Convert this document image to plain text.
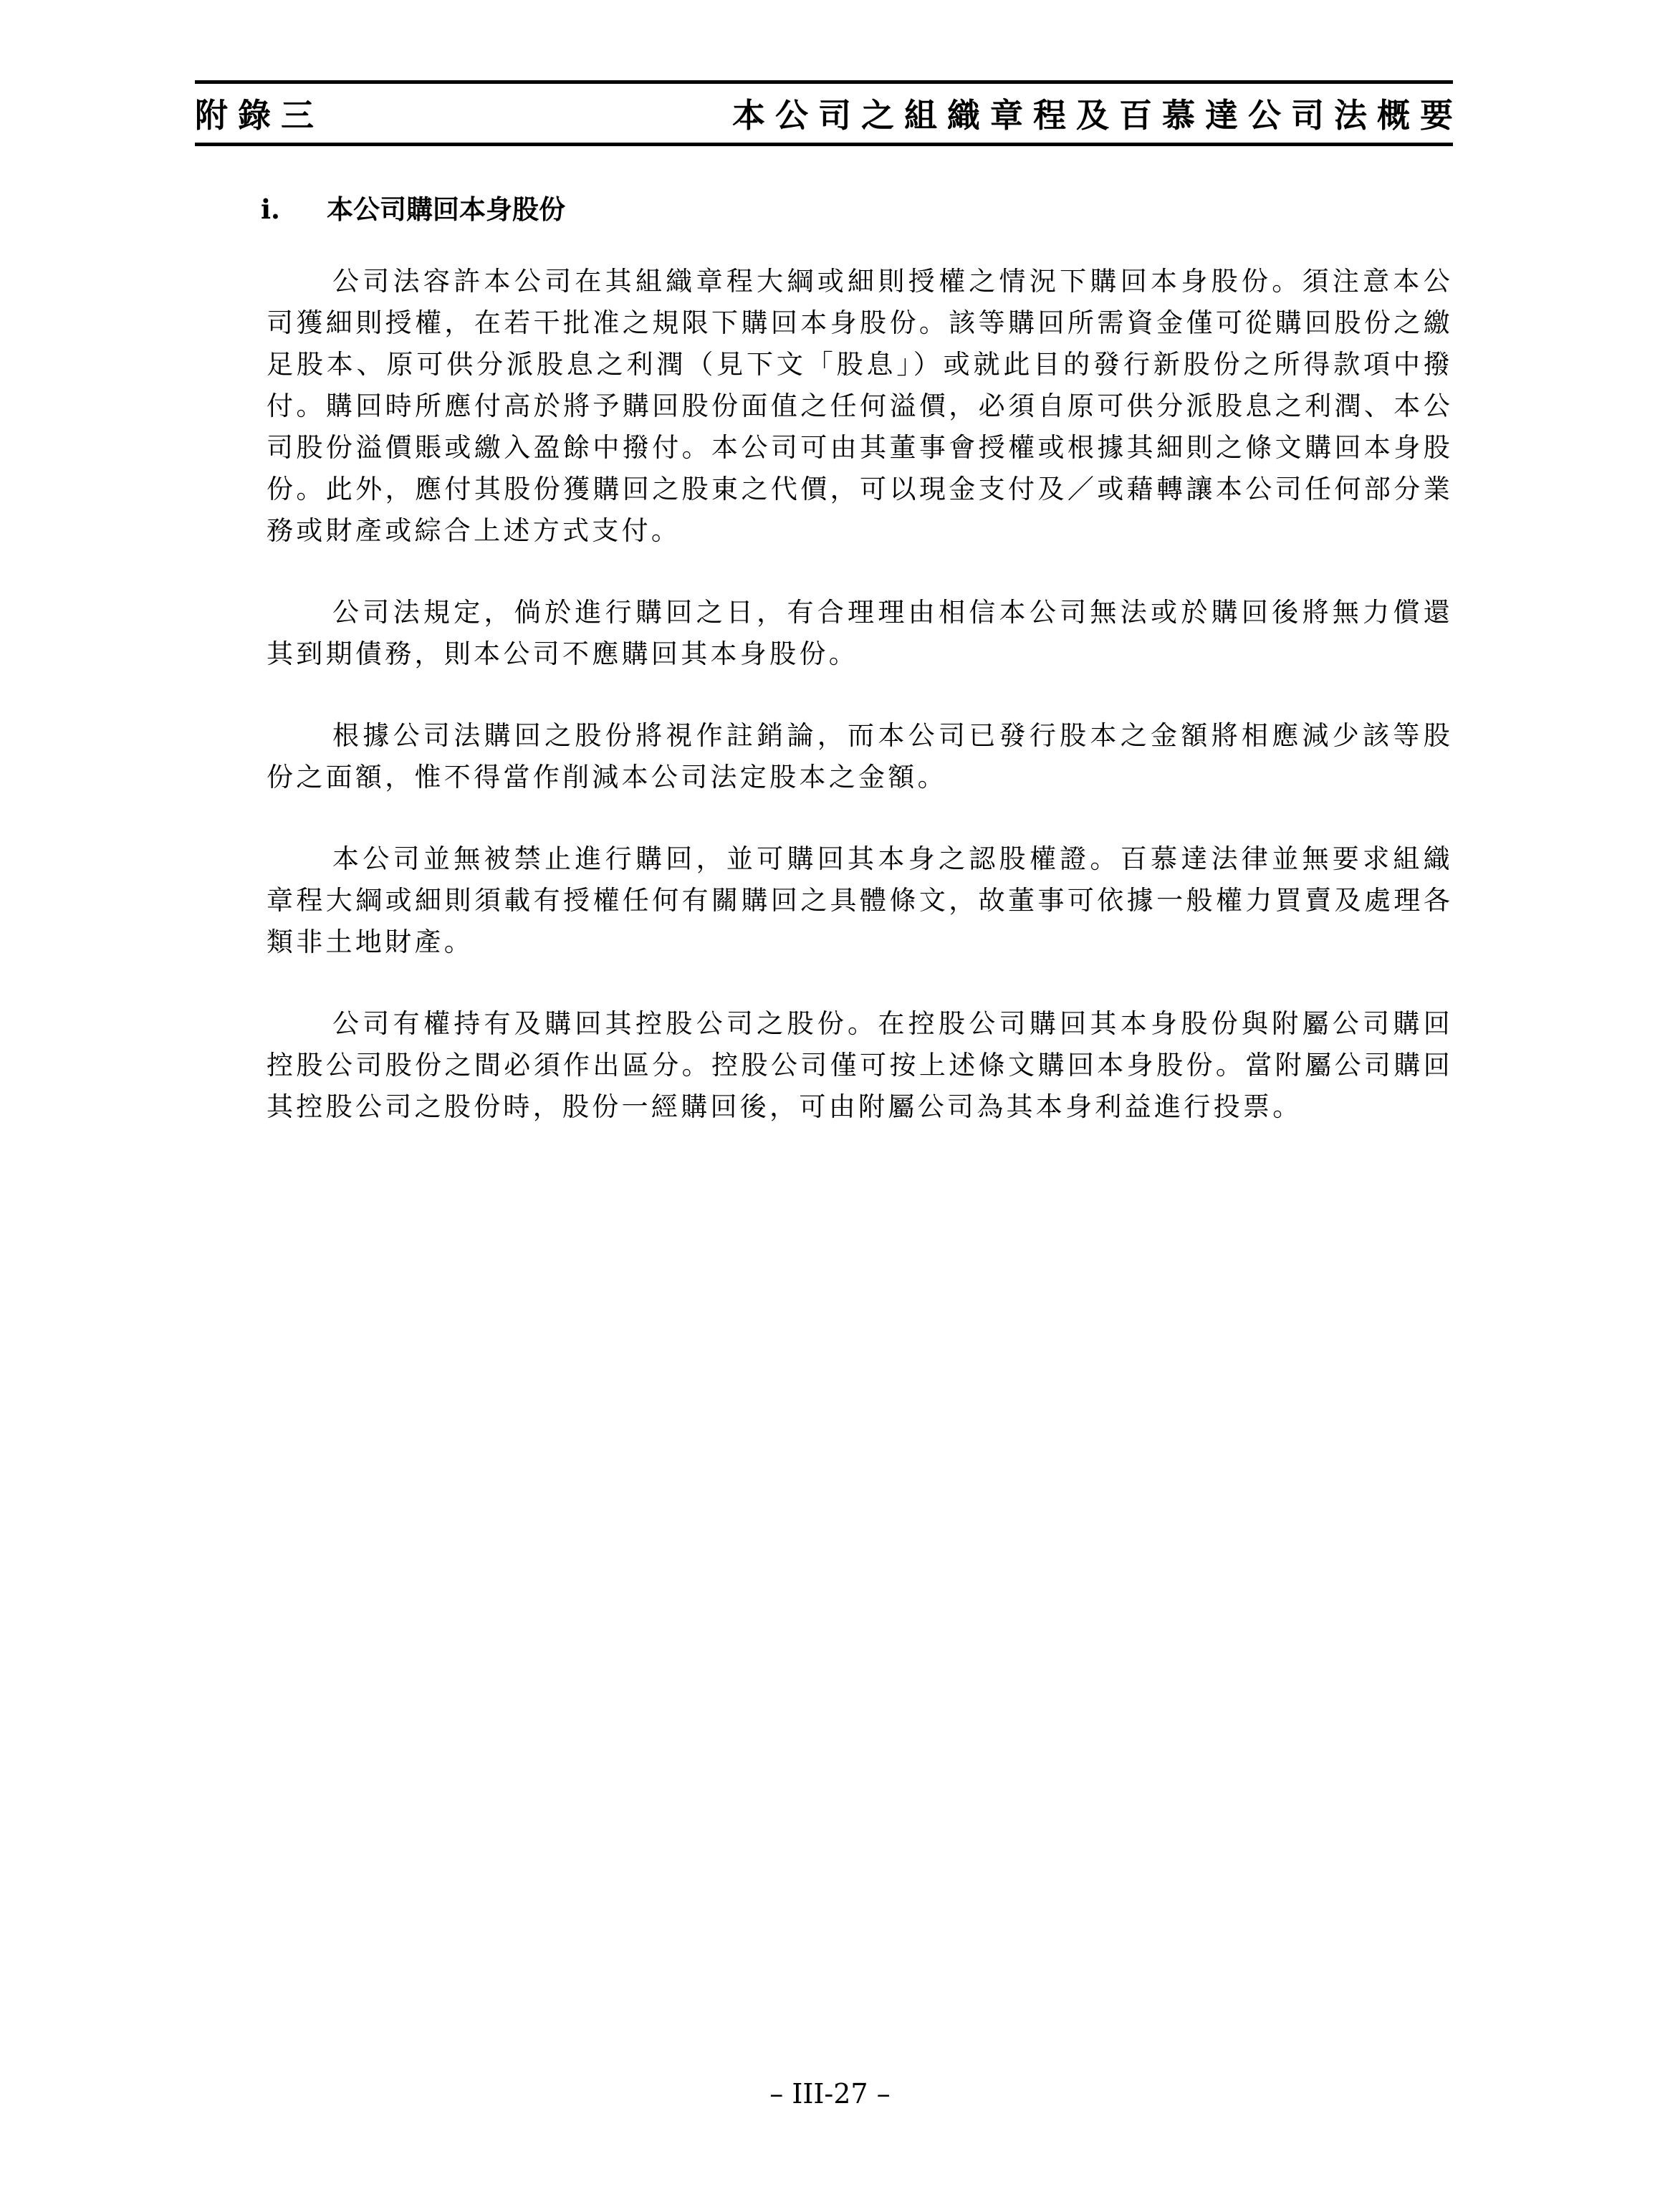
附錄三	本公司之組織章程及百慕達公司法概要
i.	本公司購回本身股份

公司法容許本公司在其組織章程大綱或細則授權之情況下購回本身股份。須注意本公司獲細則授權，在若干批准之規限下購回本身股份。該等購回所需資金僅可從購回股份之繳足股本、原可供分派股息之利潤（見下文「股息」）或就此目的發行新股份之所得款項中撥付。購回時所應付高於將予購回股份面值之任何溢價，必須自原可供分派股息之利潤、本公司股份溢價賬或繳入盈餘中撥付。本公司可由其董事會授權或根據其細則之條文購回本身股份。此外，應付其股份獲購回之股東之代價，可以現金支付及／或藉轉讓本公司任何部分業務或財產或綜合上述方式支付。

公司法規定，倘於進行購回之日，有合理理由相信本公司無法或於購回後將無力償還其到期債務，則本公司不應購回其本身股份。

根據公司法購回之股份將視作註銷論，而本公司已發行股本之金額將相應減少該等股份之面額，惟不得當作削減本公司法定股本之金額。

本公司並無被禁止進行購回，並可購回其本身之認股權證。百慕達法律並無要求組織章程大綱或細則須載有授權任何有關購回之具體條文，故董事可依據一般權力買賣及處理各類非土地財產。

公司有權持有及購回其控股公司之股份。在控股公司購回其本身股份與附屬公司購回控股公司股份之間必須作出區分。控股公司僅可按上述條文購回本身股份。當附屬公司購回其控股公司之股份時，股份一經購回後，可由附屬公司為其本身利益進行投票。

– III-27 –
